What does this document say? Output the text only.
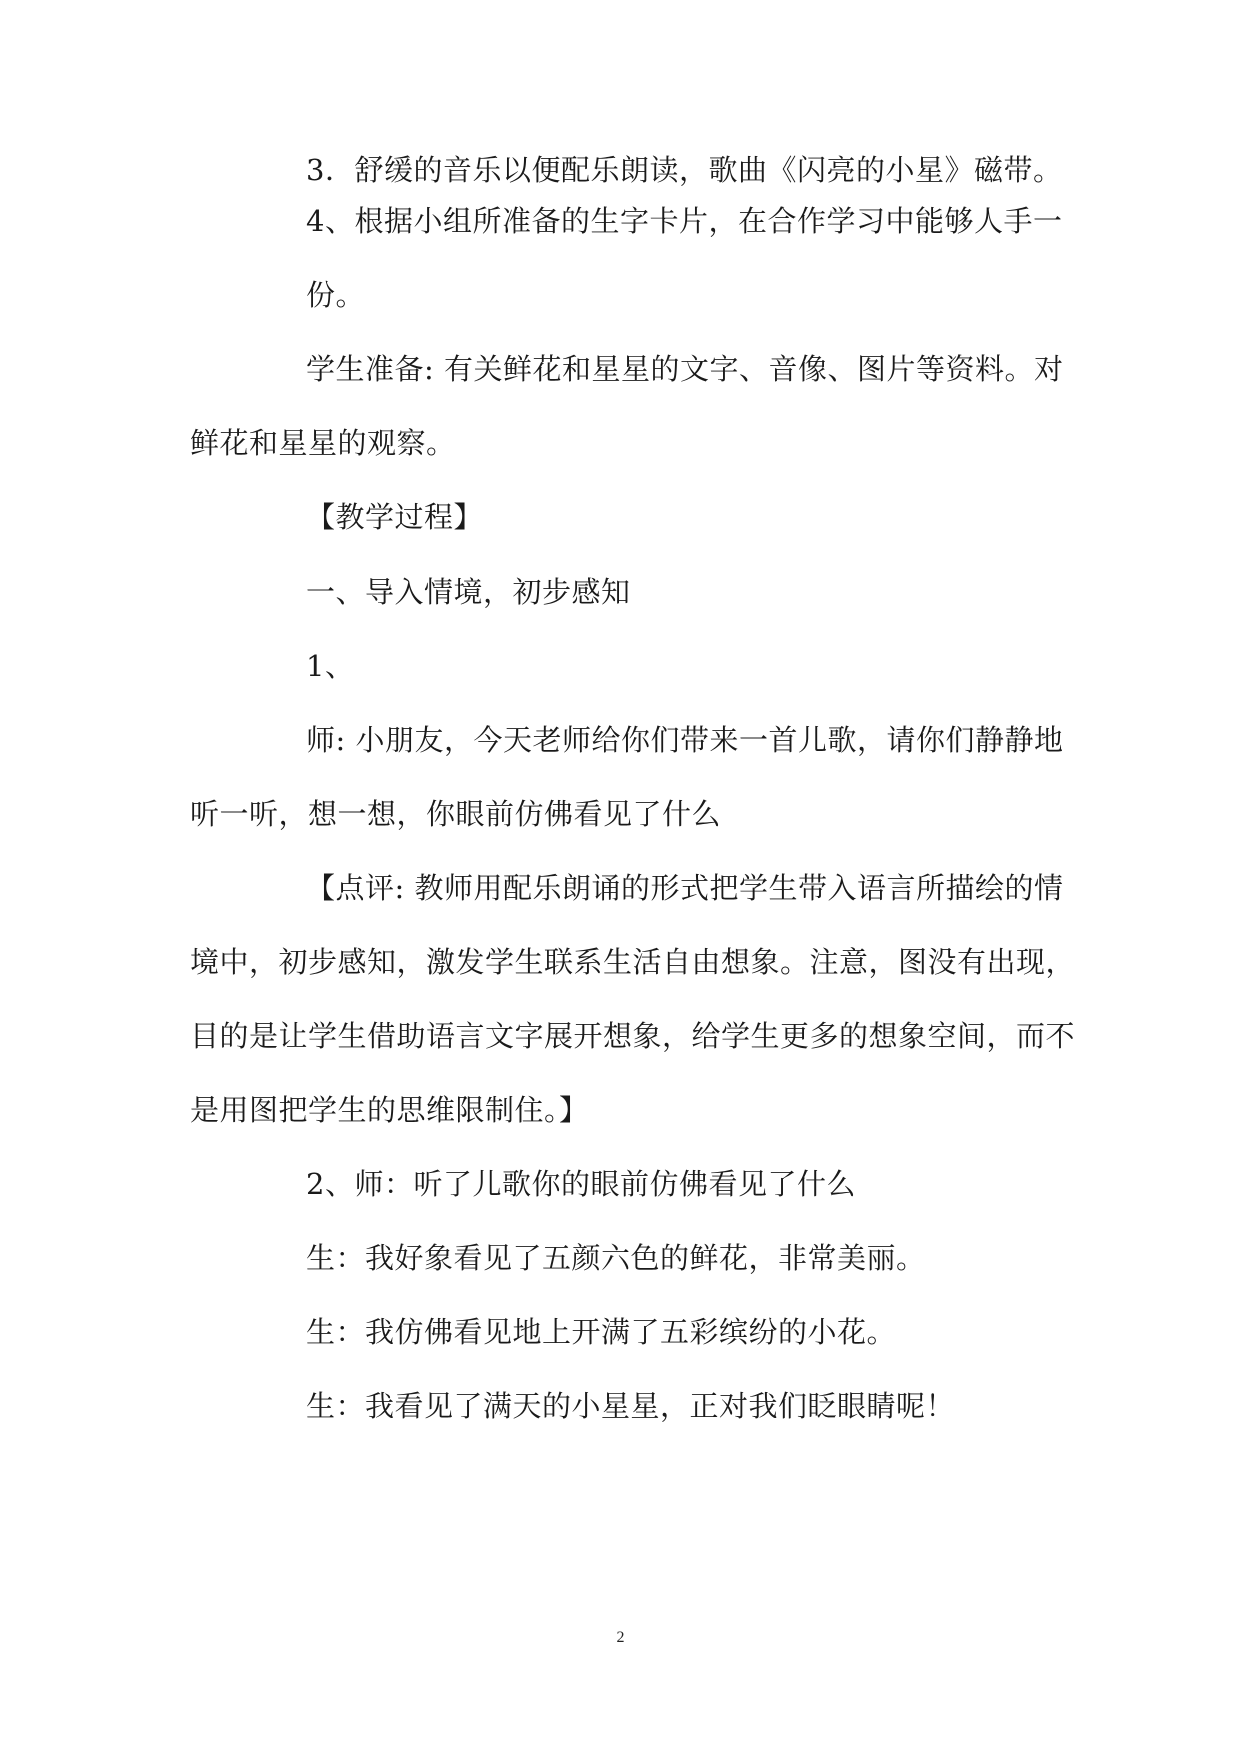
3．舒缓的音乐以便配乐朗读，歌曲《闪亮的小星》磁带。
4、根据小组所准备的生字卡片，在合作学习中能够人手一
份。
学生准备: 有关鲜花和星星的文字、音像、图片等资料。对
鲜花和星星的观察。
【教学过程】
一、导入情境，初步感知
1、
师: 小朋友，今天老师给你们带来一首儿歌，请你们静静地
听一听，想一想，你眼前仿佛看见了什么
【点评: 教师用配乐朗诵的形式把学生带入语言所描绘的情
境中，初步感知，激发学生联系生活自由想象。注意，图没有出现，
目的是让学生借助语言文字展开想象，给学生更多的想象空间，而不
是用图把学生的思维限制住。】
2、师：听了儿歌你的眼前仿佛看见了什么
生：我好象看见了五颜六色的鲜花，非常美丽。
生：我仿佛看见地上开满了五彩缤纷的小花。
生：我看见了满天的小星星，正对我们眨眼睛呢！
2
